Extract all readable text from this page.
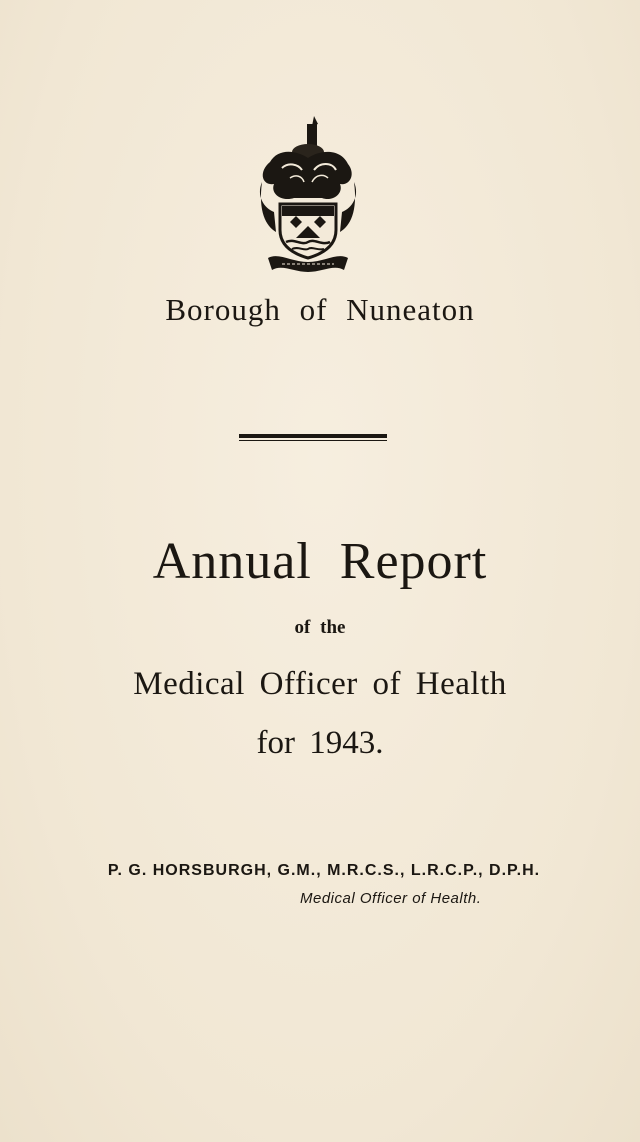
Borough of Nuneaton
Annual Report
of the
Medical Officer of Health
for 1943.
P. G. HORSBURGH, G.M., M.R.C.S., L.R.C.P., D.P.H.
Medical Officer of Health.
